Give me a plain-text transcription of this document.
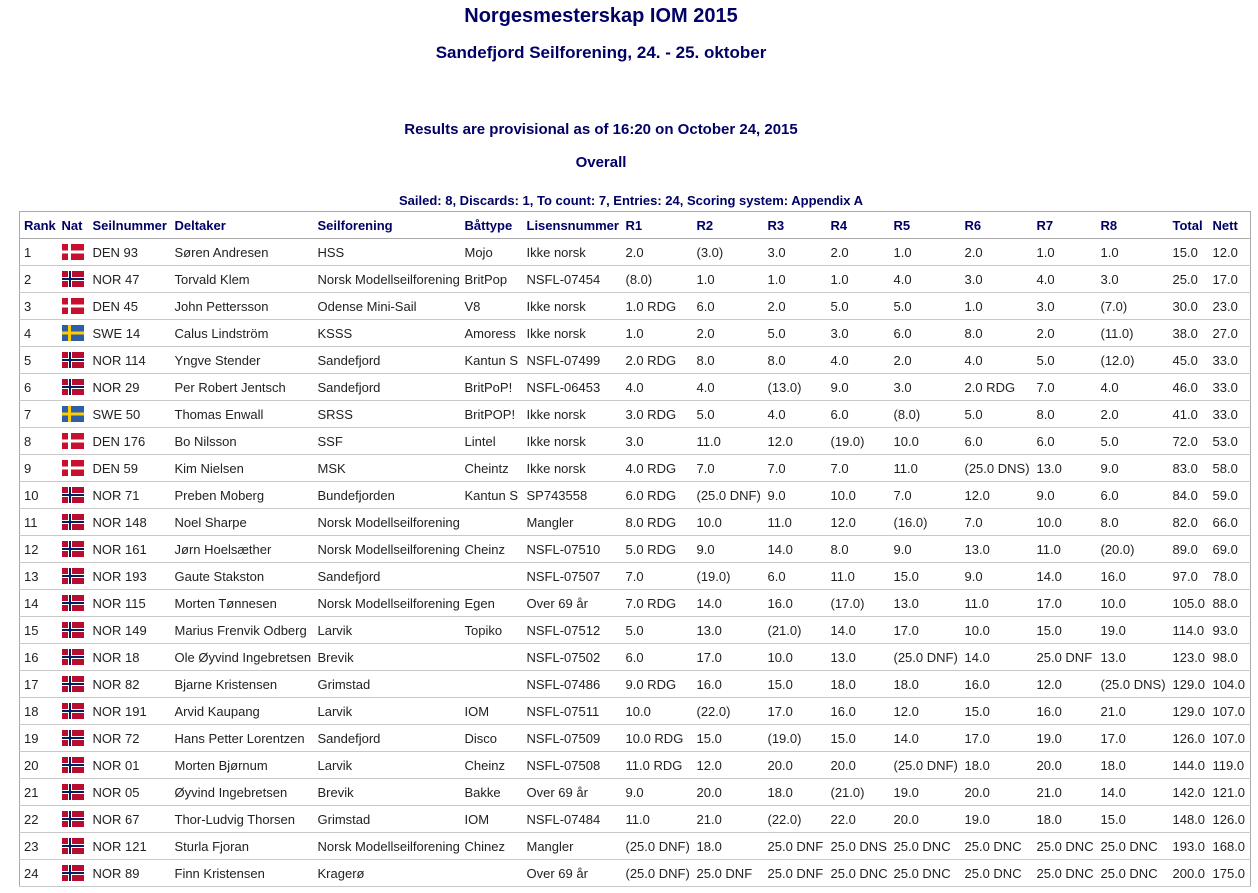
Norgesmesterskap IOM 2015
Sandefjord Seilforening, 24. - 25. oktober
Results are provisional as of 16:20 on October 24, 2015
Overall
Sailed: 8, Discards: 1, To count: 7, Entries: 24, Scoring system: Appendix A
Rank	Nat	Seilnummer	Deltaker	Seilforening	Båttype	Lisensnummer	R1	R2	R3	R4	R5	R6	R7	R8	Total	Nett
1		DEN 93	Søren Andresen	HSS	Mojo	Ikke norsk	2.0	(3.0)	3.0	2.0	1.0	2.0	1.0	1.0	15.0	12.0
2		NOR 47	Torvald Klem	Norsk Modellseilforening	BritPop	NSFL-07454	(8.0)	1.0	1.0	1.0	4.0	3.0	4.0	3.0	25.0	17.0
3		DEN 45	John Pettersson	Odense Mini-Sail	V8	Ikke norsk	1.0 RDG	6.0	2.0	5.0	5.0	1.0	3.0	(7.0)	30.0	23.0
4		SWE 14	Calus Lindström	KSSS	Amoress	Ikke norsk	1.0	2.0	5.0	3.0	6.0	8.0	2.0	(11.0)	38.0	27.0
5		NOR 114	Yngve Stender	Sandefjord	Kantun S	NSFL-07499	2.0 RDG	8.0	8.0	4.0	2.0	4.0	5.0	(12.0)	45.0	33.0
6		NOR 29	Per Robert Jentsch	Sandefjord	BritPoP!	NSFL-06453	4.0	4.0	(13.0)	9.0	3.0	2.0 RDG	7.0	4.0	46.0	33.0
7		SWE 50	Thomas Enwall	SRSS	BritPOP!	Ikke norsk	3.0 RDG	5.0	4.0	6.0	(8.0)	5.0	8.0	2.0	41.0	33.0
8		DEN 176	Bo Nilsson	SSF	Lintel	Ikke norsk	3.0	11.0	12.0	(19.0)	10.0	6.0	6.0	5.0	72.0	53.0
9		DEN 59	Kim Nielsen	MSK	Cheintz	Ikke norsk	4.0 RDG	7.0	7.0	7.0	11.0	(25.0 DNS)	13.0	9.0	83.0	58.0
10		NOR 71	Preben Moberg	Bundefjorden	Kantun S	SP743558	6.0 RDG	(25.0 DNF)	9.0	10.0	7.0	12.0	9.0	6.0	84.0	59.0
11		NOR 148	Noel Sharpe	Norsk Modellseilforening		Mangler	8.0 RDG	10.0	11.0	12.0	(16.0)	7.0	10.0	8.0	82.0	66.0
12		NOR 161	Jørn Hoelsæther	Norsk Modellseilforening	Cheinz	NSFL-07510	5.0 RDG	9.0	14.0	8.0	9.0	13.0	11.0	(20.0)	89.0	69.0
13		NOR 193	Gaute Stakston	Sandefjord		NSFL-07507	7.0	(19.0)	6.0	11.0	15.0	9.0	14.0	16.0	97.0	78.0
14		NOR 115	Morten Tønnesen	Norsk Modellseilforening	Egen	Over 69 år	7.0 RDG	14.0	16.0	(17.0)	13.0	11.0	17.0	10.0	105.0	88.0
15		NOR 149	Marius Frenvik Odberg	Larvik	Topiko	NSFL-07512	5.0	13.0	(21.0)	14.0	17.0	10.0	15.0	19.0	114.0	93.0
16		NOR 18	Ole Øyvind Ingebretsen	Brevik		NSFL-07502	6.0	17.0	10.0	13.0	(25.0 DNF)	14.0	25.0 DNF	13.0	123.0	98.0
17		NOR 82	Bjarne Kristensen	Grimstad		NSFL-07486	9.0 RDG	16.0	15.0	18.0	18.0	16.0	12.0	(25.0 DNS)	129.0	104.0
18		NOR 191	Arvid Kaupang	Larvik	IOM	NSFL-07511	10.0	(22.0)	17.0	16.0	12.0	15.0	16.0	21.0	129.0	107.0
19		NOR 72	Hans Petter Lorentzen	Sandefjord	Disco	NSFL-07509	10.0 RDG	15.0	(19.0)	15.0	14.0	17.0	19.0	17.0	126.0	107.0
20		NOR 01	Morten Bjørnum	Larvik	Cheinz	NSFL-07508	11.0 RDG	12.0	20.0	20.0	(25.0 DNF)	18.0	20.0	18.0	144.0	119.0
21		NOR 05	Øyvind Ingebretsen	Brevik	Bakke	Over 69 år	9.0	20.0	18.0	(21.0)	19.0	20.0	21.0	14.0	142.0	121.0
22		NOR 67	Thor-Ludvig Thorsen	Grimstad	IOM	NSFL-07484	11.0	21.0	(22.0)	22.0	20.0	19.0	18.0	15.0	148.0	126.0
23		NOR 121	Sturla Fjoran	Norsk Modellseilforening	Chinez	Mangler	(25.0 DNF)	18.0	25.0 DNF	25.0 DNS	25.0 DNC	25.0 DNC	25.0 DNC	25.0 DNC	193.0	168.0
24		NOR 89	Finn Kristensen	Kragerø		Over 69 år	(25.0 DNF)	25.0 DNF	25.0 DNF	25.0 DNC	25.0 DNC	25.0 DNC	25.0 DNC	25.0 DNC	200.0	175.0
